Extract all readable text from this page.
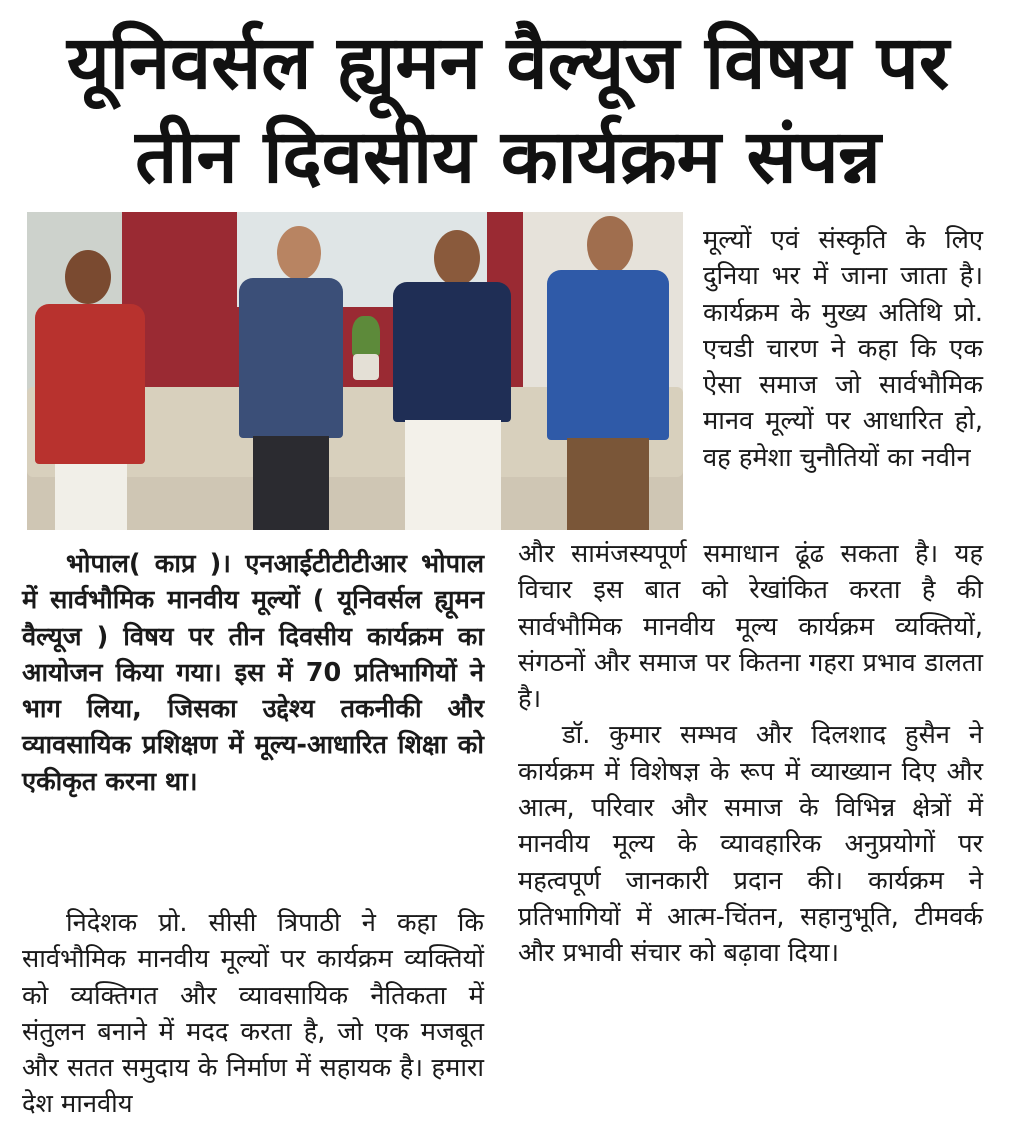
यूनिवर्सल ह्यूमन वैल्यूज विषय पर
तीन दिवसीय कार्यक्रम संपन्न

मूल्यों एवं संस्कृति के लिए दुनिया भर में जाना जाता है। कार्यक्रम के मुख्य अतिथि प्रो. एचडी चारण ने कहा कि एक ऐसा समाज जो सार्वभौमिक मानव मूल्यों पर आधारित हो, वह हमेशा चुनौतियों का नवीन

भोपाल( काप्र )। एनआईटीटीटीआर भोपाल में सार्वभौमिक मानवीय मूल्यों ( यूनिवर्सल ह्यूमन वैल्यूज ) विषय पर तीन दिवसीय कार्यक्रम का आयोजन किया गया। इस में 70 प्रतिभागियों ने भाग लिया, जिसका उद्देश्य तकनीकी और व्यावसायिक प्रशिक्षण में मूल्य-आधारित शिक्षा को एकीकृत करना था।

निदेशक प्रो. सीसी त्रिपाठी ने कहा कि सार्वभौमिक मानवीय मूल्यों पर कार्यक्रम व्यक्तियों को व्यक्तिगत और व्यावसायिक नैतिकता में संतुलन बनाने में मदद करता है, जो एक मजबूत और सतत समुदाय के निर्माण में सहायक है। हमारा देश मानवीय

और सामंजस्यपूर्ण समाधान ढूंढ सकता है। यह विचार इस बात को रेखांकित करता है की सार्वभौमिक मानवीय मूल्य कार्यक्रम व्यक्तियों, संगठनों और समाज पर कितना गहरा प्रभाव डालता है।

डॉ. कुमार सम्भव और दिलशाद हुसैन ने कार्यक्रम में विशेषज्ञ के रूप में व्याख्यान दिए और आत्म, परिवार और समाज के विभिन्न क्षेत्रों में मानवीय मूल्य के व्यावहारिक अनुप्रयोगों पर महत्वपूर्ण जानकारी प्रदान की। कार्यक्रम ने प्रतिभागियों में आत्म-चिंतन, सहानुभूति, टीमवर्क और प्रभावी संचार को बढ़ावा दिया।
